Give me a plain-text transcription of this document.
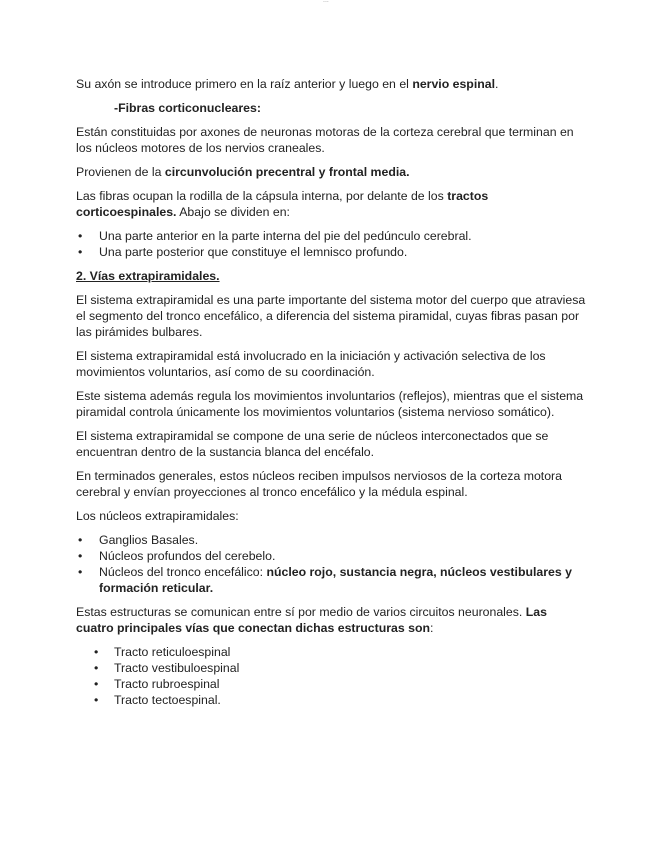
...

Su axón se introduce primero en la raíz anterior y luego en el nervio espinal.

-Fibras corticonucleares:

Están constituidas por axones de neuronas motoras de la corteza cerebral que terminan en los núcleos motores de los nervios craneales.

Provienen de la circunvolución precentral y frontal media.

Las fibras ocupan la rodilla de la cápsula interna, por delante de los tractos corticoespinales. Abajo se dividen en:

• Una parte anterior en la parte interna del pie del pedúnculo cerebral.
• Una parte posterior que constituye el lemnisco profundo.

2. Vías extrapiramidales.

El sistema extrapiramidal es una parte importante del sistema motor del cuerpo que atraviesa el segmento del tronco encefálico, a diferencia del sistema piramidal, cuyas fibras pasan por las pirámides bulbares.

El sistema extrapiramidal está involucrado en la iniciación y activación selectiva de los movimientos voluntarios, así como de su coordinación.

Este sistema además regula los movimientos involuntarios (reflejos), mientras que el sistema piramidal controla únicamente los movimientos voluntarios (sistema nervioso somático).

El sistema extrapiramidal se compone de una serie de núcleos interconectados que se encuentran dentro de la sustancia blanca del encéfalo.

En terminados generales, estos núcleos reciben impulsos nerviosos de la corteza motora cerebral y envían proyecciones al tronco encefálico y la médula espinal.

Los núcleos extrapiramidales:

• Ganglios Basales.
• Núcleos profundos del cerebelo.
• Núcleos del tronco encefálico: núcleo rojo, sustancia negra, núcleos vestibulares y formación reticular.

Estas estructuras se comunican entre sí por medio de varios circuitos neuronales. Las cuatro principales vías que conectan dichas estructuras son:

• Tracto reticuloespinal
• Tracto vestibuloespinal
• Tracto rubroespinal
• Tracto tectoespinal.
